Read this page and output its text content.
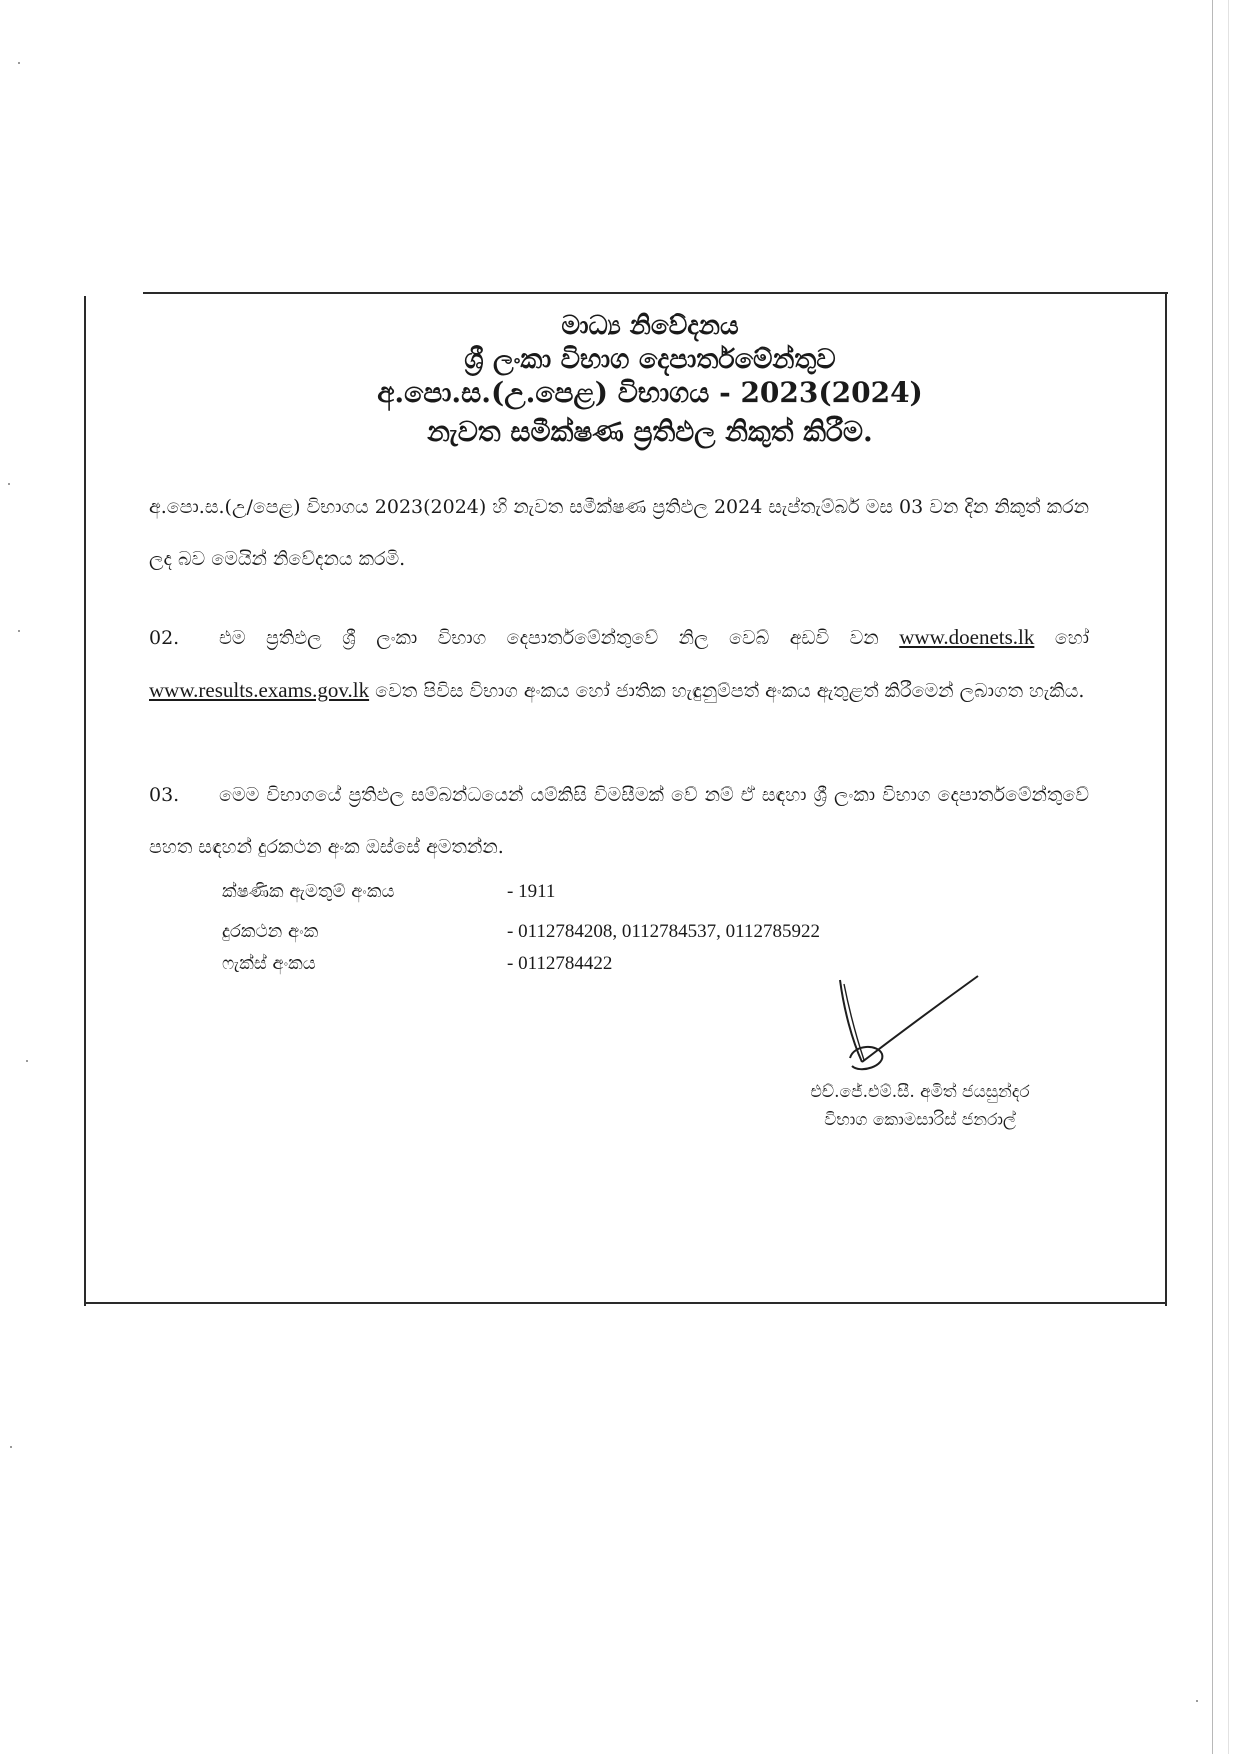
මාධ්‍ය නිවේදනය
ශ්‍රී ලංකා විභාග දෙපාර්තමේන්තුව
අ.පො.ස.(උ.පෙළ) විභාගය - 2023(2024)
නැවත සමීක්ෂණ ප්‍රතිඵල නිකුත් කිරීම.
අ.පො.ස.(උ/පෙළ) විභාගය 2023(2024) හි නැවත සමීක්ෂණ ප්‍රතිඵල 2024 සැප්තැම්බර් මස 03 වන දින නිකුත් කරන ලද බව මෙයින් නිවේදනය කරමි.
02. එම ප්‍රතිඵල ශ්‍රී ලංකා විභාග දෙපාර්තමේන්තුවේ නිල වෙබ් අඩවි වන www.doenets.lk හෝ www.results.exams.gov.lk වෙත පිවිස විභාග අංකය හෝ ජාතික හැඳුනුම්පත් අංකය ඇතුළත් කිරීමෙන් ලබාගත හැකිය.
03. මෙම විභාගයේ ප්‍රතිඵල සම්බන්ධයෙන් යම්කිසි විමසීමක් වේ නම් ඒ සඳහා ශ්‍රී ලංකා විභාග දෙපාර්තමේන්තුවේ පහත සඳහන් දුරකථන අංක ඔස්සේ අමතන්න.
ක්ෂණික ඇමතුම් අංකය	- 1911
දුරකථන අංක	- 0112784208, 0112784537, 0112785922
ෆැක්ස් අංකය	- 0112784422
එච්.ජේ.එම්.සී. අමිත් ජයසුන්දර
විභාග කොමසාරිස් ජනරාල්
